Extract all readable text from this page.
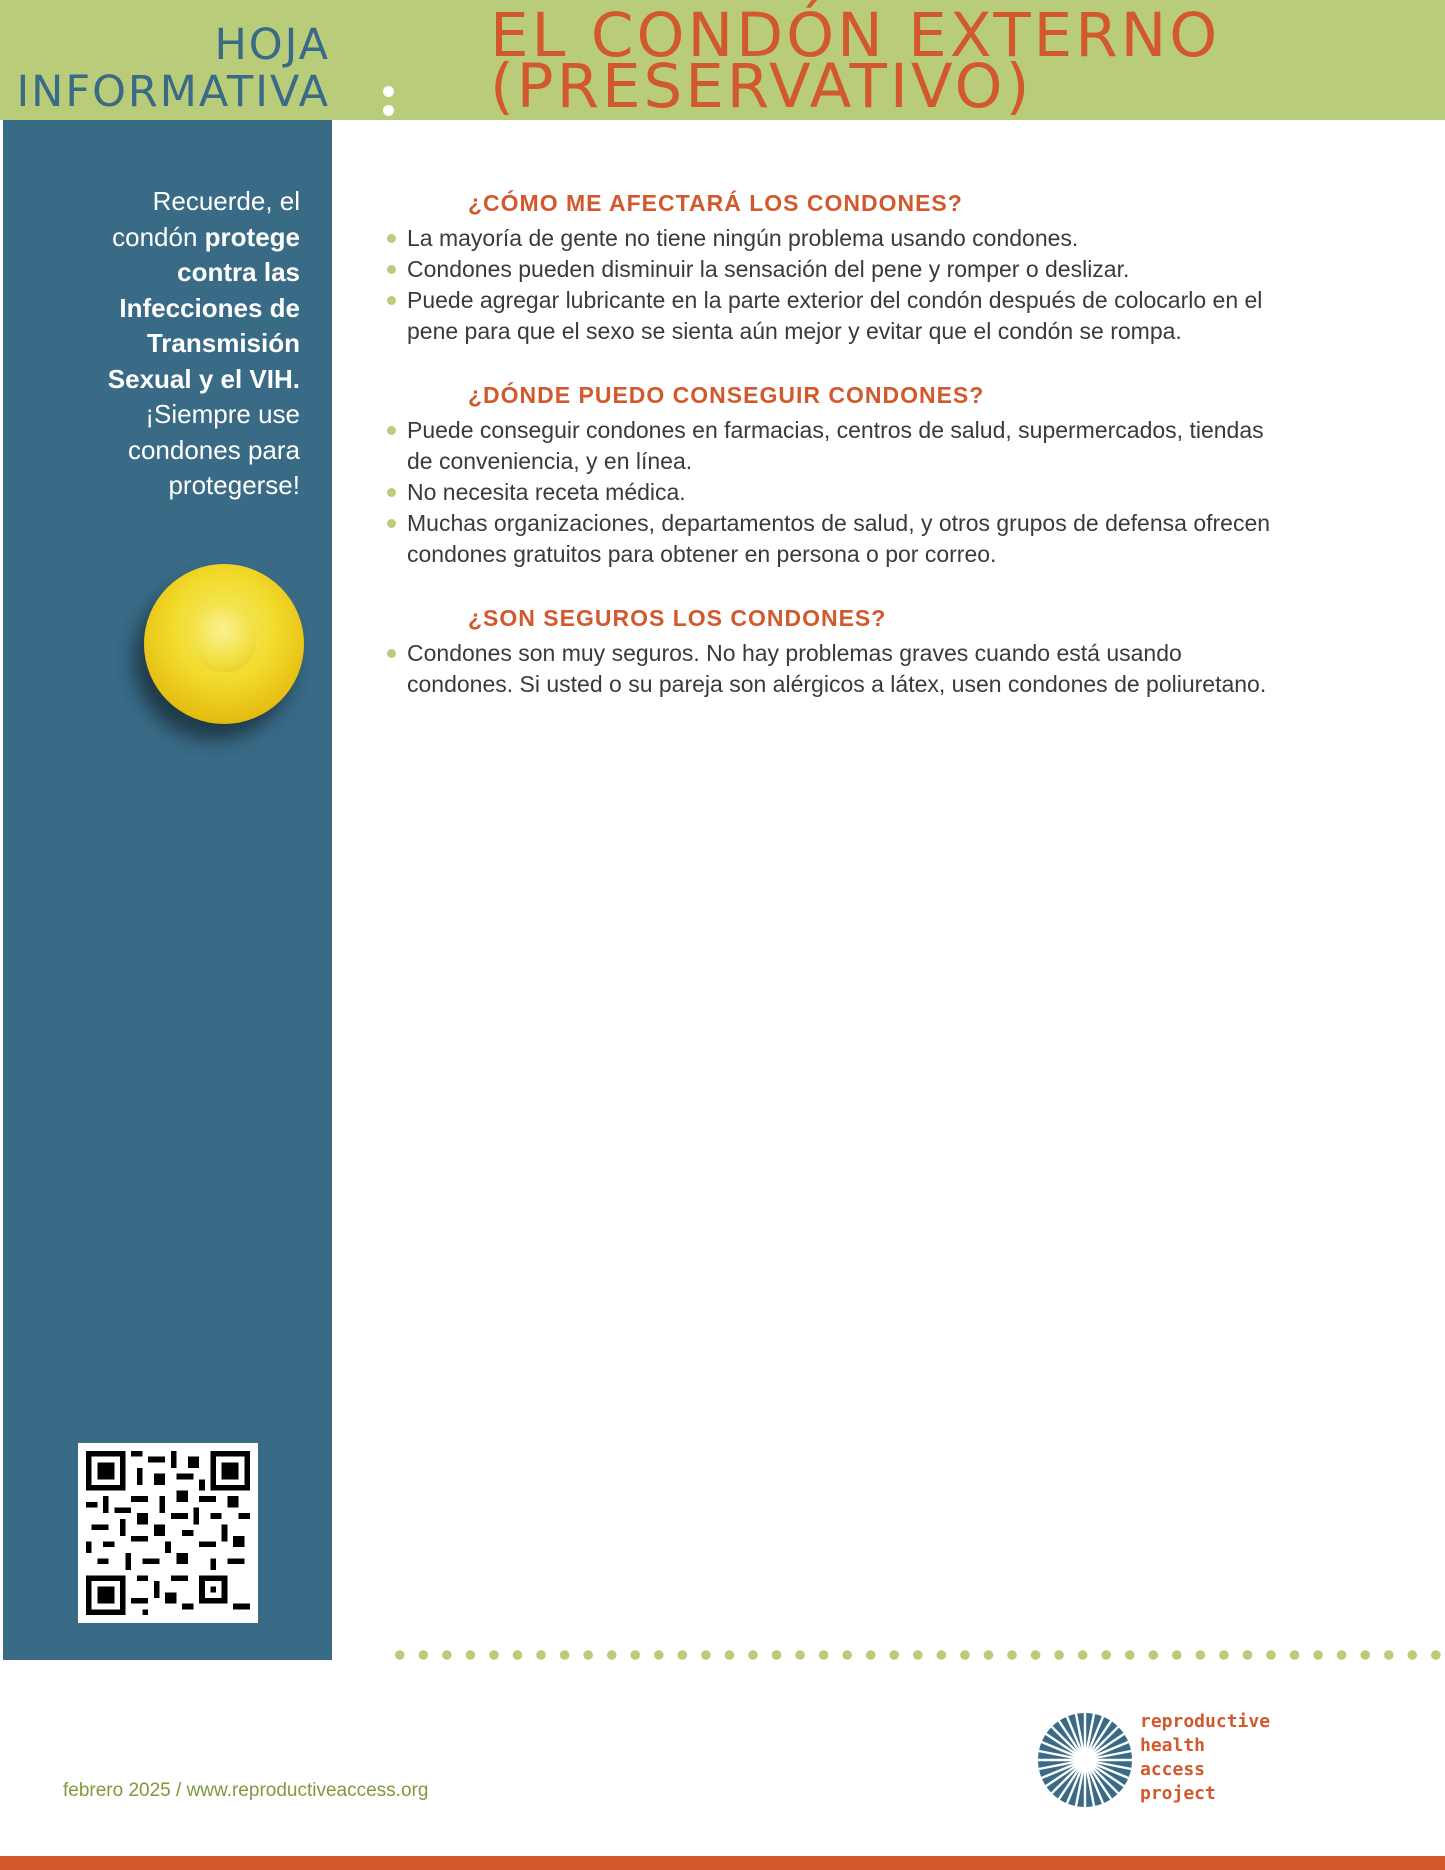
HOJA
INFORMATIVA
EL CONDÓN EXTERNO
(PRESERVATIVO)
Recuerde, el
condón protege
contra las
Infecciones de
Transmisión
Sexual y el VIH.
¡Siempre use
condones para
protegerse!
¿CÓMO ME AFECTARÁ LOS CONDONES?
La mayoría de gente no tiene ningún problema usando condones.
Condones pueden disminuir la sensación del pene y romper o deslizar.
Puede agregar lubricante en la parte exterior del condón después de colocarlo en el pene para que el sexo se sienta aún mejor y evitar que el condón se rompa.
¿DÓNDE PUEDO CONSEGUIR CONDONES?
Puede conseguir condones en farmacias, centros de salud, supermercados, tiendas de conveniencia, y en línea.
No necesita receta médica.
Muchas organizaciones, departamentos de salud, y otros grupos de defensa ofrecen condones gratuitos para obtener en persona o por correo.
¿SON SEGUROS LOS CONDONES?
Condones son muy seguros. No hay problemas graves cuando está usando condones. Si usted o su pareja son alérgicos a látex, usen condones de poliuretano.
febrero 2025 / www.reproductiveaccess.org
reproductive
health
access
project
